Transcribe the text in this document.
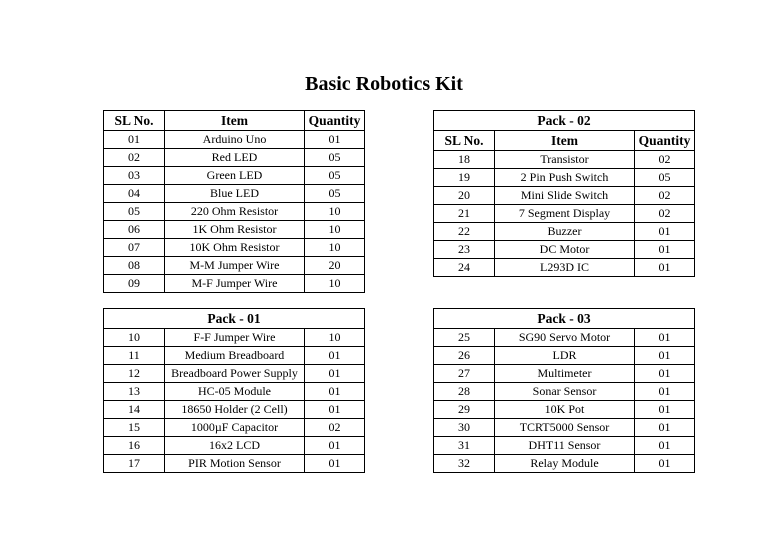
Basic Robotics Kit
SL No.	Item	Quantity
01	Arduino Uno	01
02	Red LED	05
03	Green LED	05
04	Blue LED	05
05	220 Ohm Resistor	10
06	1K Ohm Resistor	10
07	10K Ohm Resistor	10
08	M-M Jumper Wire	20
09	M-F Jumper Wire	10
Pack - 02		
SL No.	Item	Quantity
18	Transistor	02
19	2 Pin Push Switch	05
20	Mini Slide Switch	02
21	7 Segment Display	02
22	Buzzer	01
23	DC Motor	01
24	L293D IC	01
Pack - 01		
10	F-F Jumper Wire	10
11	Medium Breadboard	01
12	Breadboard Power Supply	01
13	HC-05 Module	01
14	18650 Holder (2 Cell)	01
15	1000µF Capacitor	02
16	16x2 LCD	01
17	PIR Motion Sensor	01
Pack - 03		
25	SG90 Servo Motor	01
26	LDR	01
27	Multimeter	01
28	Sonar Sensor	01
29	10K Pot	01
30	TCRT5000 Sensor	01
31	DHT11 Sensor	01
32	Relay Module	01
